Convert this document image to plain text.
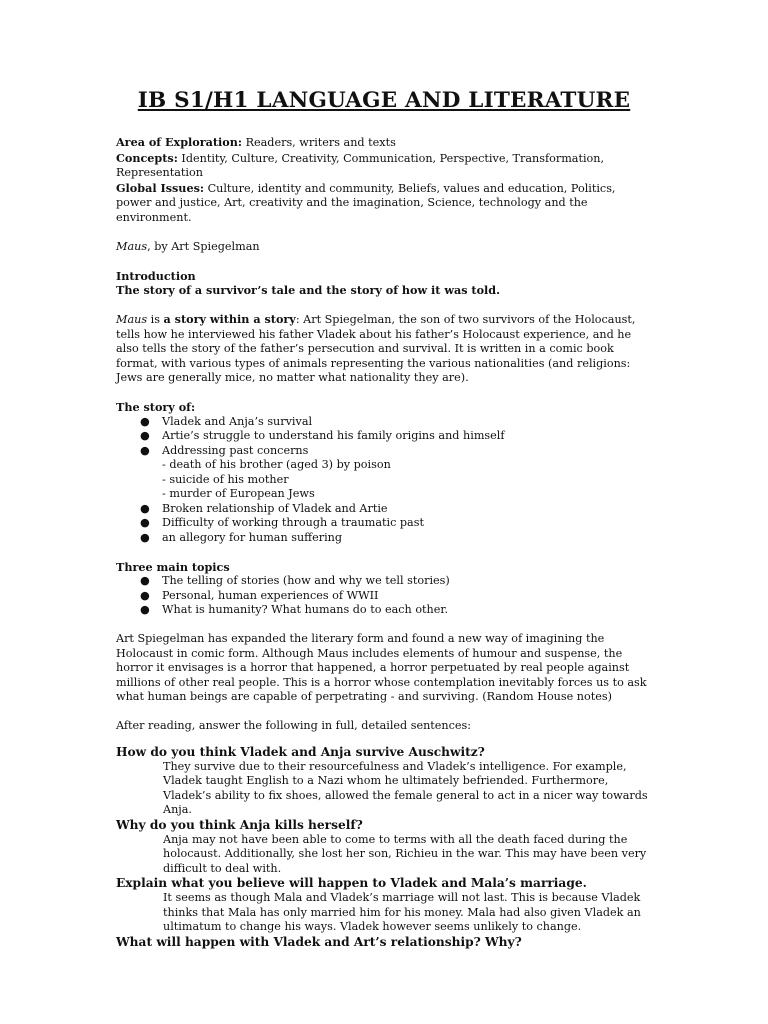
IB S1/H1 LANGUAGE AND LITERATURE

Area of Exploration: Readers, writers and texts

Concepts: Identity, Culture, Creativity, Communication, Perspective, Transformation, Representation

Global Issues: Culture, identity and community, Beliefs, values and education, Politics, power and justice, Art, creativity and the imagination, Science, technology and the environment.

Maus, by Art Spiegelman

Introduction

The story of a survivor’s tale and the story of how it was told.

Maus is a story within a story: Art Spiegelman, the son of two survivors of the Holocaust, tells how he interviewed his father Vladek about his father’s Holocaust experience, and he also tells the story of the father’s persecution and survival. It is written in a comic book format, with various types of animals representing the various nationalities (and religions: Jews are generally mice, no matter what nationality they are).

The story of:

● Vladek and Anja’s survival
● Artie’s struggle to understand his family origins and himself
● Addressing past concerns
- death of his brother (aged 3) by poison
- suicide of his mother
- murder of European Jews
● Broken relationship of Vladek and Artie
● Difficulty of working through a traumatic past
● an allegory for human suffering

Three main topics

● The telling of stories (how and why we tell stories)
● Personal, human experiences of WWII
● What is humanity? What humans do to each other.

Art Spiegelman has expanded the literary form and found a new way of imagining the Holocaust in comic form. Although Maus includes elements of humour and suspense, the horror it envisages is a horror that happened, a horror perpetuated by real people against millions of other real people. This is a horror whose contemplation inevitably forces us to ask what human beings are capable of perpetrating - and surviving. (Random House notes)

After reading, answer the following in full, detailed sentences:

How do you think Vladek and Anja survive Auschwitz?

They survive due to their resourcefulness and Vladek’s intelligence. For example, Vladek taught English to a Nazi whom he ultimately befriended. Furthermore, Vladek’s ability to fix shoes, allowed the female general to act in a nicer way towards Anja.

Why do you think Anja kills herself?

Anja may not have been able to come to terms with all the death faced during the holocaust. Additionally, she lost her son, Richieu in the war. This may have been very difficult to deal with.

Explain what you believe will happen to Vladek and Mala’s marriage.

It seems as though Mala and Vladek’s marriage will not last. This is because Vladek thinks that Mala has only married him for his money. Mala had also given Vladek an ultimatum to change his ways. Vladek however seems unlikely to change.

What will happen with Vladek and Art’s relationship? Why?
